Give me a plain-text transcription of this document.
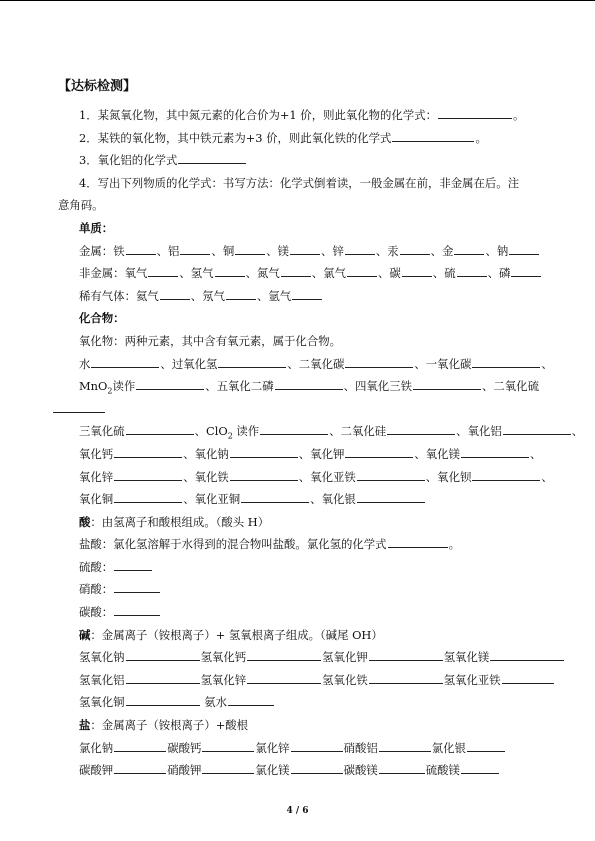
【达标检测】
1．某氮氧化物，其中氮元素的化合价为+1 价，则此氧化物的化学式：	。
2．某铁的氧化物，其中铁元素为+3 价，则此氧化铁的化学式	。
3．氧化铝的化学式
4．写出下列物质的化学式：书写方法：化学式倒着读，一般金属在前，非金属在后。注
意角码。
单质：
金属：铁	、铝	、铜	、镁	、锌	、汞	、金	、钠
非金属：氧气	、氢气	、氮气	、氯气	、碳	、硫	、磷
稀有气体：氦气	、氖气	、氩气
化合物：
氧化物：两种元素，其中含有氧元素，属于化合物。
水	、过氧化氢	、二氧化碳	、一氧化碳	、
MnO$_2$读作	、五氧化二磷	、四氧化三铁	、二氧化硫
三氧化硫	、ClO$_2$ 读作	、二氧化硅	、氧化铝	、
氧化钙	、氧化钠	、氧化钾	、氧化镁	、
氧化锌	、氧化铁	、氧化亚铁	、氧化钡	、
氧化铜	、氧化亚铜	、氧化银
酸：由氢离子和酸根组成。（酸头 H）
盐酸：氯化氢溶解于水得到的混合物叫盐酸。氯化氢的化学式	。
硫酸：
硝酸：
碳酸：
碱：金属离子（铵根离子）+ 氢氧根离子组成。（碱尾 OH）
氢氧化钠	氢氧化钙	氢氧化钾	氢氧化镁
氢氧化铝	氢氧化锌	氢氧化铁	氢氧化亚铁
氢氧化铜	氨水
盐：金属离子（铵根离子）+酸根
氯化钠	碳酸钙	氯化锌	硝酸铝	氯化银
碳酸钾	硝酸钾	氯化镁	碳酸镁	硫酸镁
4 / 6
